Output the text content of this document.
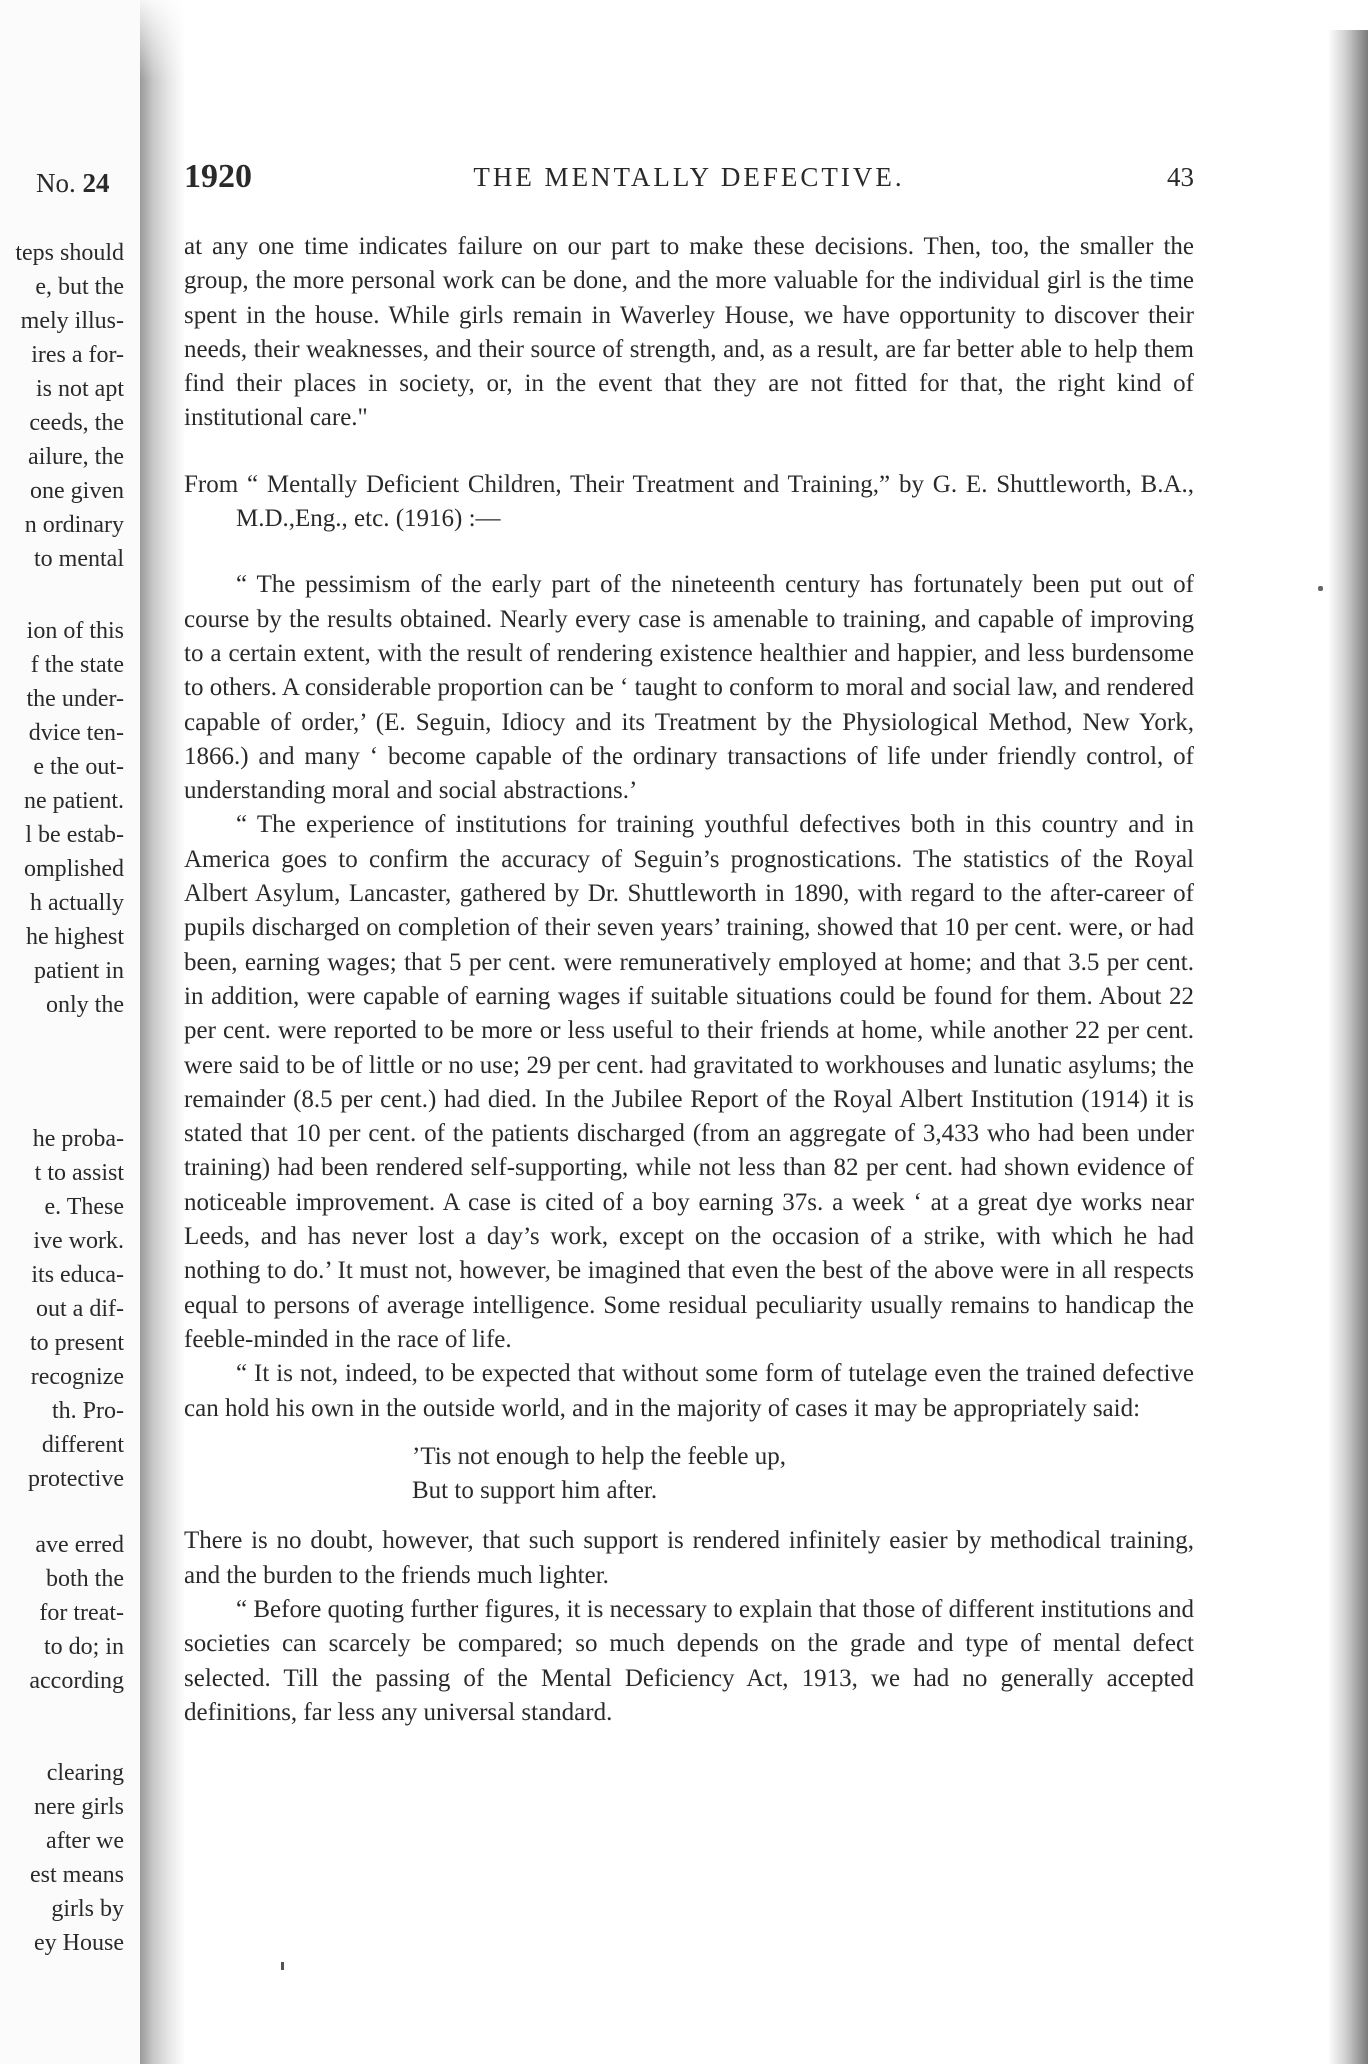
No. 24
teps should
e, but the
mely illus-
ires a for-
is not apt
ceeds, the
ailure, the
one given
n ordinary
to mental
ion of this
f the state
the under-
dvice ten-
e the out-
ne patient.
l be estab-
omplished
h actually
he highest
patient in
only the
he proba-
t to assist
e. These
ive work.
its educa-
out a dif-
to present
recognize
th. Pro-
different
protective
ave erred
both the
for treat-
to do; in
according
clearing
nere girls
after we
est means
girls by
ey House
1920	THE MENTALLY DEFECTIVE.	43

at any one time indicates failure on our part to make these decisions. Then, too, the smaller the group, the more personal work can be done, and the more valuable for the individual girl is the time spent in the house. While girls remain in Waverley House, we have opportunity to discover their needs, their weaknesses, and their source of strength, and, as a result, are far better able to help them find their places in society, or, in the event that they are not fitted for that, the right kind of institutional care."

From “ Mentally Deficient Children, Their Treatment and Training,” by G. E. Shuttleworth, B.A., M.D.,Eng., etc. (1916) :—

“ The pessimism of the early part of the nineteenth century has fortunately been put out of course by the results obtained. Nearly every case is amenable to training, and capable of improving to a certain extent, with the result of rendering existence healthier and happier, and less burdensome to others. A considerable proportion can be ‘ taught to conform to moral and social law, and rendered capable of order,’ (E. Seguin, Idiocy and its Treatment by the Physiological Method, New York, 1866.) and many ‘ become capable of the ordinary transactions of life under friendly control, of understanding moral and social abstractions.’

“ The experience of institutions for training youthful defectives both in this country and in America goes to confirm the accuracy of Seguin’s prognostications. The statistics of the Royal Albert Asylum, Lancaster, gathered by Dr. Shuttleworth in 1890, with regard to the after-career of pupils discharged on completion of their seven years’ training, showed that 10 per cent. were, or had been, earning wages; that 5 per cent. were remuneratively employed at home; and that 3.5 per cent. in addition, were capable of earning wages if suitable situations could be found for them. About 22 per cent. were reported to be more or less useful to their friends at home, while another 22 per cent. were said to be of little or no use; 29 per cent. had gravitated to workhouses and lunatic asylums; the remainder (8.5 per cent.) had died. In the Jubilee Report of the Royal Albert Institution (1914) it is stated that 10 per cent. of the patients discharged (from an aggregate of 3,433 who had been under training) had been rendered self-supporting, while not less than 82 per cent. had shown evidence of noticeable improvement. A case is cited of a boy earning 37s. a week ‘ at a great dye works near Leeds, and has never lost a day’s work, except on the occasion of a strike, with which he had nothing to do.’ It must not, however, be imagined that even the best of the above were in all respects equal to persons of average intelligence. Some residual peculiarity usually remains to handicap the feeble-minded in the race of life.

“ It is not, indeed, to be expected that without some form of tutelage even the trained defective can hold his own in the outside world, and in the majority of cases it may be appropriately said:

’Tis not enough to help the feeble up,
But to support him after.

There is no doubt, however, that such support is rendered infinitely easier by methodical training, and the burden to the friends much lighter.

“ Before quoting further figures, it is necessary to explain that those of different institutions and societies can scarcely be compared; so much depends on the grade and type of mental defect selected. Till the passing of the Mental Deficiency Act, 1913, we had no generally accepted definitions, far less any universal standard.
